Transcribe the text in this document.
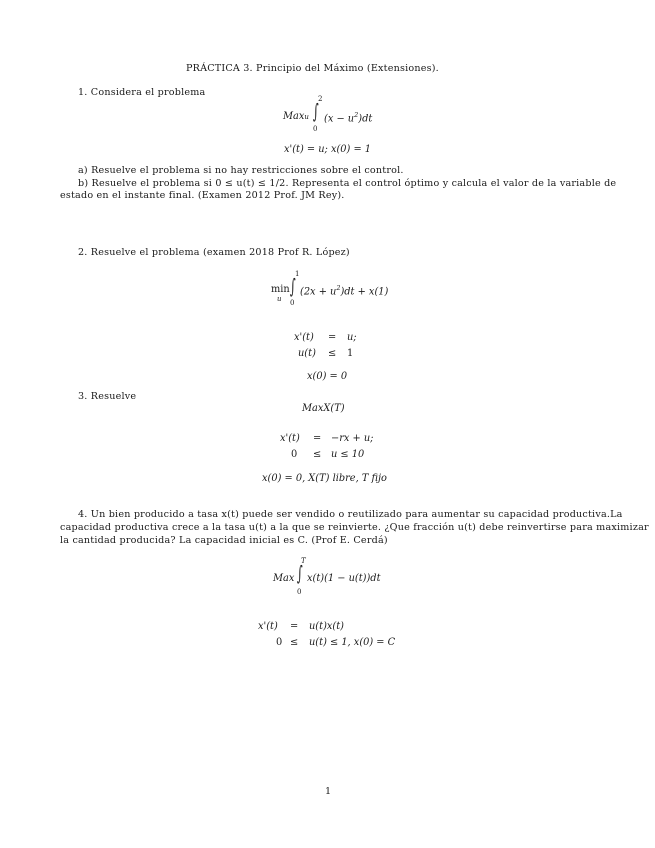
PRÁCTICA 3. Principio del Máximo (Extensiones).
1. Considera el problema
Maxu
2
∫
0
$(x - u^2)dt$
x'(t) = u; x(0) = 1
a) Resuelve el problema si no hay restricciones sobre el control.
b) Resuelve el problema si 0 ≤ u(t) ≤ 1/2. Representa el control óptimo y calcula el valor de la variable de
estado en el instante final. (Examen 2012 Prof. JM Rey).
2. Resuelve el problema (examen 2018 Prof R. López)
min
u
1
∫
0
$(2x + u^2)dt + x(1)$
x'(t) = u;
u(t) ≤ 1
x(0) = 0
3. Resuelve
MaxX(T)
x'(t) = −rx + u;
0 ≤ u ≤ 10
x(0) = 0, X(T) libre, T fijo
4. Un bien producido a tasa x(t) puede ser vendido o reutilizado para aumentar su capacidad productiva.La
capacidad productiva crece a la tasa u(t) a la que se reinvierte. ¿Que fracción u(t) debe reinvertirse para maximizar
la cantidad producida? La capacidad inicial es C. (Prof E. Cerdá)
Max
T
∫
0
x(t)(1 − u(t))dt
x'(t) = u(t)x(t)
0 ≤ u(t) ≤ 1, x(0) = C
1
